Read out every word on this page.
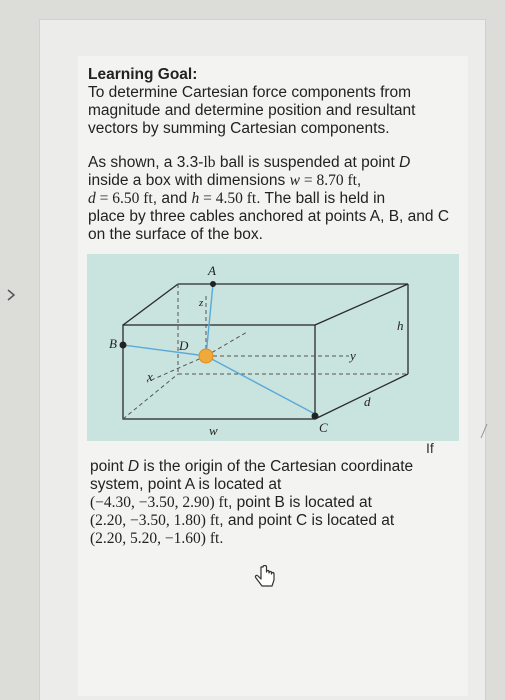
Learning Goal:
To determine Cartesian force components from
magnitude and determine position and resultant
vectors by summing Cartesian components.
As shown, a 3.3-lb ball is suspended at point D
inside a box with dimensions w = 8.70 ft,
d = 6.50 ft, and h = 4.50 ft. The ball is held in
place by three cables anchored at points A, B, and C
on the surface of the box.
A
B
C
D
z
y
x
h
d
w
If
point D is the origin of the Cartesian coordinate
system, point A is located at
(−4.30, −3.50, 2.90) ft, point B is located at
(2.20, −3.50, 1.80) ft, and point C is located at
(2.20, 5.20, −1.60) ft.
